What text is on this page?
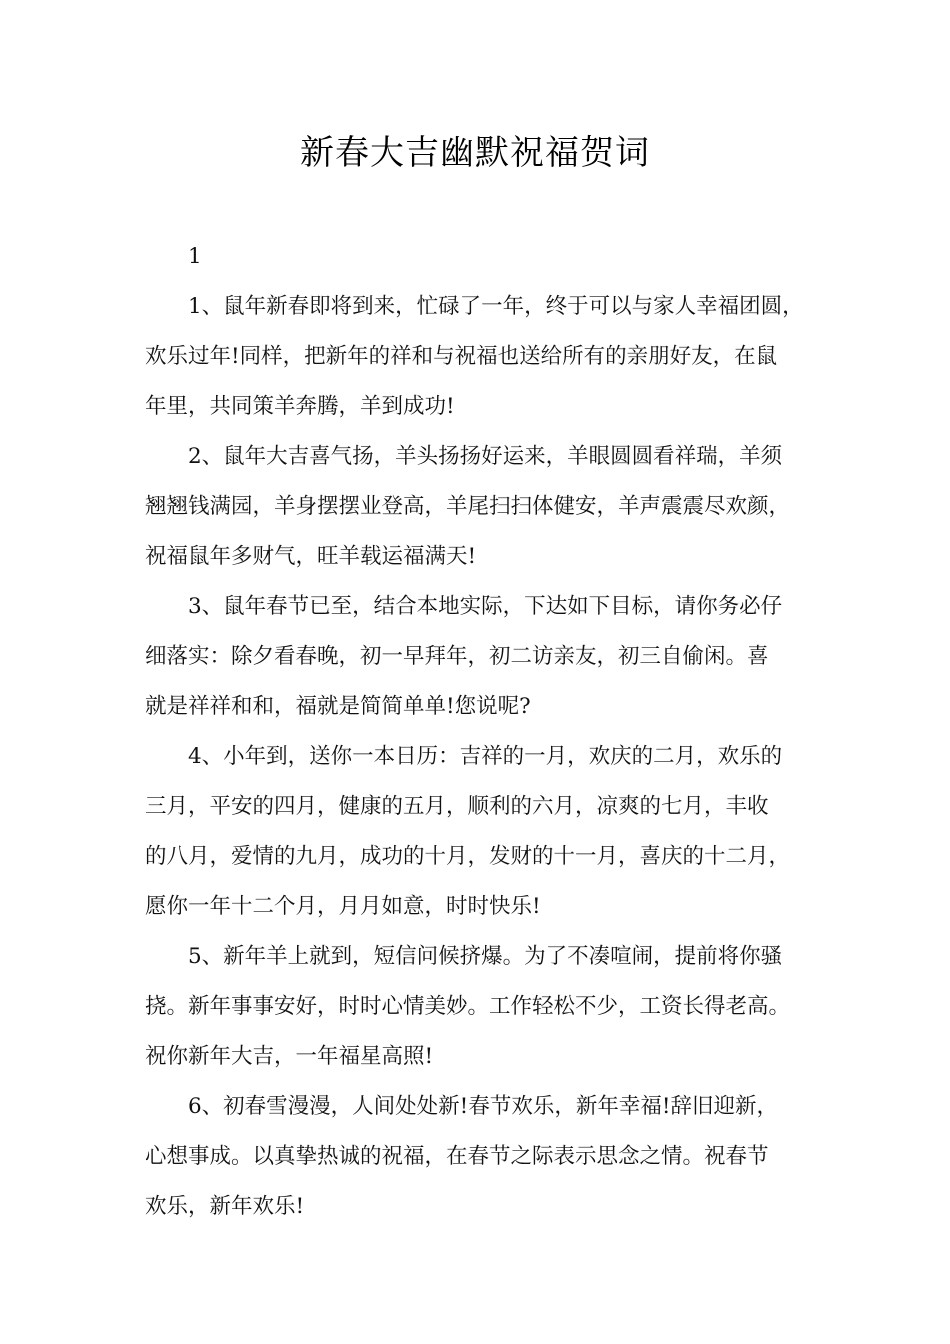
新春大吉幽默祝福贺词

1

1、鼠年新春即将到来，忙碌了一年，终于可以与家人幸福团圆，
欢乐过年!同样，把新年的祥和与祝福也送给所有的亲朋好友，在鼠
年里，共同策羊奔腾，羊到成功!

2、鼠年大吉喜气扬，羊头扬扬好运来，羊眼圆圆看祥瑞，羊须
翘翘钱满园，羊身摆摆业登高，羊尾扫扫体健安，羊声震震尽欢颜，
祝福鼠年多财气，旺羊载运福满天!

3、鼠年春节已至，结合本地实际，下达如下目标，请你务必仔
细落实：除夕看春晚，初一早拜年，初二访亲友，初三自偷闲。喜
就是祥祥和和，福就是简简单单!您说呢?

4、小年到，送你一本日历：吉祥的一月，欢庆的二月，欢乐的
三月，平安的四月，健康的五月，顺利的六月，凉爽的七月，丰收
的八月，爱情的九月，成功的十月，发财的十一月，喜庆的十二月，
愿你一年十二个月，月月如意，时时快乐!

5、新年羊上就到，短信问候挤爆。为了不凑喧闹，提前将你骚
挠。新年事事安好，时时心情美妙。工作轻松不少，工资长得老高。
祝你新年大吉，一年福星高照!

6、初春雪漫漫，人间处处新!春节欢乐，新年幸福!辞旧迎新，
心想事成。以真挚热诚的祝福，在春节之际表示思念之情。祝春节
欢乐，新年欢乐!
